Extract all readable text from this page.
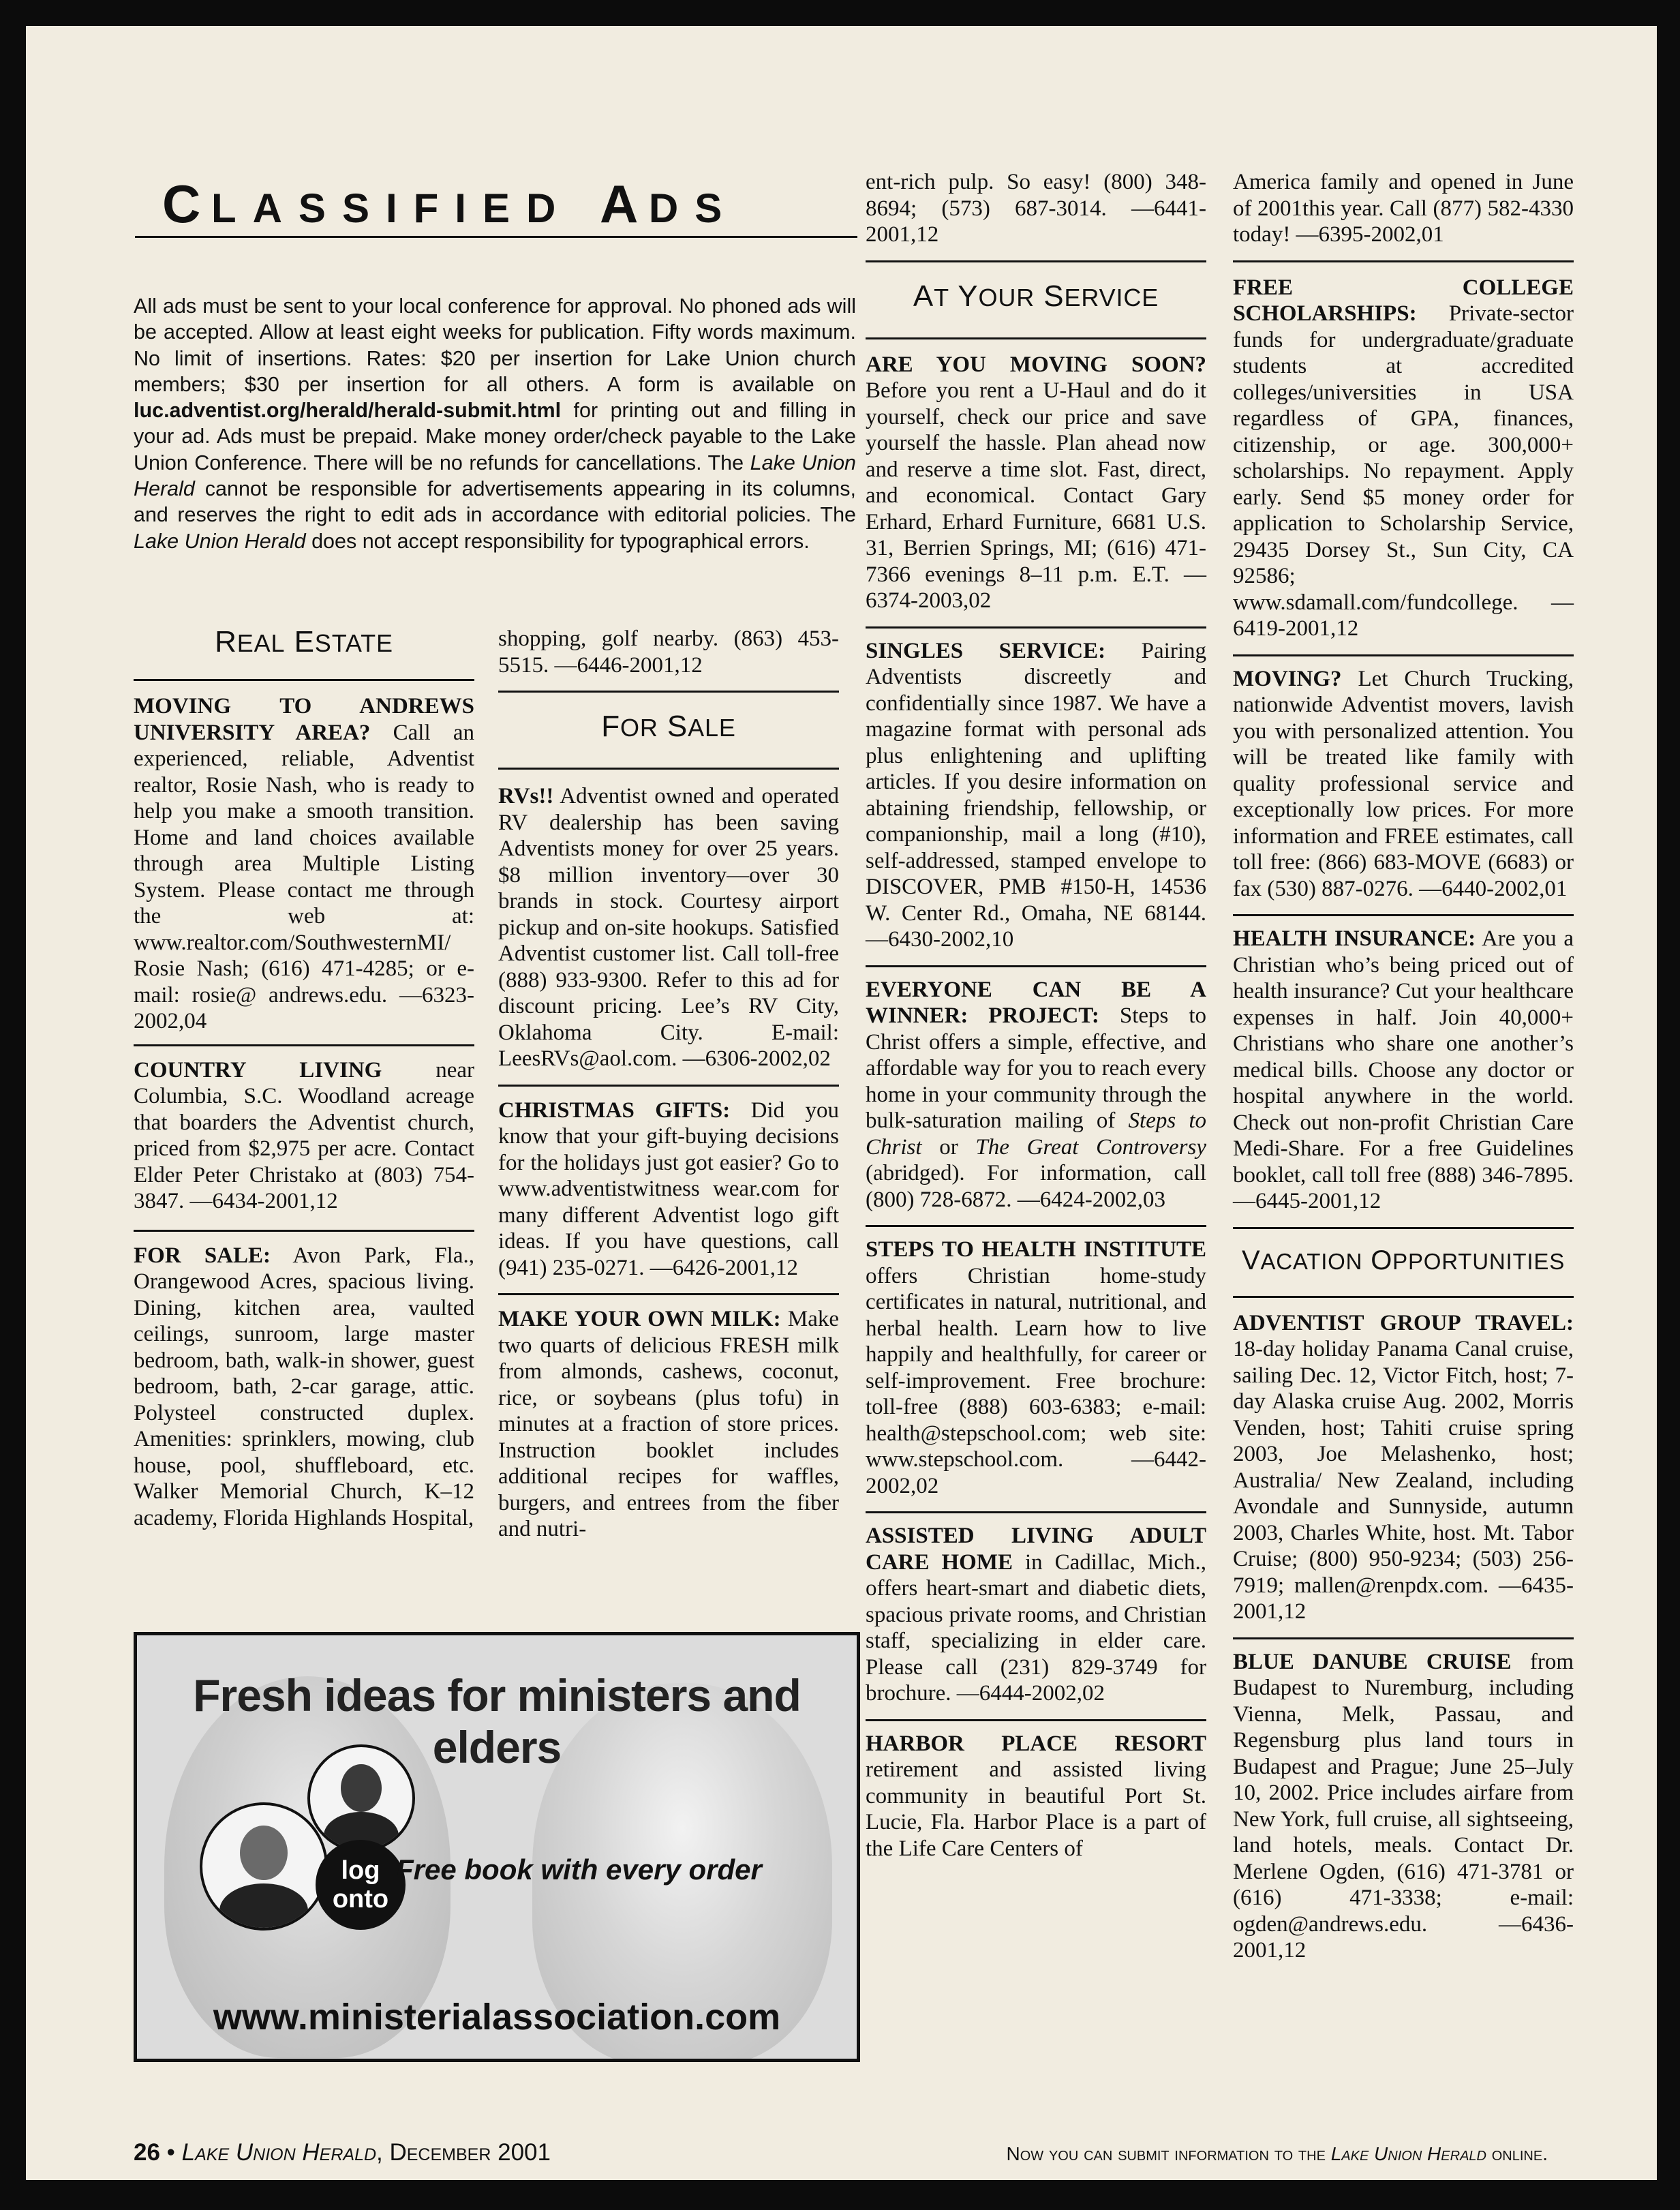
CLASSIFIED ADS
All ads must be sent to your local conference for approval. No phoned ads will be accepted. Allow at least eight weeks for publication. Fifty words maximum. No limit of insertions. Rates: $20 per insertion for Lake Union church members; $30 per insertion for all others. A form is available on luc.adventist.org/herald/herald-submit.html for printing out and filling in your ad. Ads must be prepaid. Make money order/check payable to the Lake Union Conference. There will be no refunds for cancellations. The Lake Union Herald cannot be responsible for advertisements appearing in its columns, and reserves the right to edit ads in accordance with editorial policies. The Lake Union Herald does not accept responsibility for typographical errors.
REAL ESTATE

MOVING TO ANDREWS UNIVERSITY AREA? Call an experienced, reliable, Adventist realtor, Rosie Nash, who is ready to help you make a smooth transition. Home and land choices available through area Multiple Listing System. Please contact me through the web at: www.realtor.com/SouthwesternMI/ Rosie Nash; (616) 471-4285; or e-mail: rosie@ andrews.edu. —6323-2002,04

COUNTRY LIVING near Columbia, S.C. Woodland acreage that boarders the Adventist church, priced from $2,975 per acre. Contact Elder Peter Christako at (803) 754-3847. —6434-2001,12

FOR SALE: Avon Park, Fla., Orangewood Acres, spacious living. Dining, kitchen area, vaulted ceilings, sunroom, large master bedroom, bath, walk-in shower, guest bedroom, bath, 2-car garage, attic. Polysteel constructed duplex. Amenities: sprinklers, mowing, club house, pool, shuffleboard, etc. Walker Memorial Church, K–12 academy, Florida Highlands Hospital,

shopping, golf nearby. (863) 453-5515. —6446-2001,12

FOR SALE

RVs!! Adventist owned and operated RV dealership has been saving Adventists money for over 25 years. $8 million inventory—over 30 brands in stock. Courtesy airport pickup and on-site hookups. Satisfied Adventist customer list. Call toll-free (888) 933-9300. Refer to this ad for discount pricing. Lee’s RV City, Oklahoma City. E-mail: LeesRVs@aol.com. —6306-2002,02

CHRISTMAS GIFTS: Did you know that your gift-buying decisions for the holidays just got easier? Go to www.adventistwitness wear.com for many different Adventist logo gift ideas. If you have questions, call (941) 235-0271. —6426-2001,12

MAKE YOUR OWN MILK: Make two quarts of delicious FRESH milk from almonds, cashews, coconut, rice, or soybeans (plus tofu) in minutes at a fraction of store prices. Instruction booklet includes additional recipes for waffles, burgers, and entrees from the fiber and nutri-

ent-rich pulp. So easy! (800) 348-8694; (573) 687-3014. —6441-2001,12

AT YOUR SERVICE

ARE YOU MOVING SOON? Before you rent a U-Haul and do it yourself, check our price and save yourself the hassle. Plan ahead now and reserve a time slot. Fast, direct, and economical. Contact Gary Erhard, Erhard Furniture, 6681 U.S. 31, Berrien Springs, MI; (616) 471-7366 evenings 8–11 p.m. E.T. —6374-2003,02

SINGLES SERVICE: Pairing Adventists discreetly and confidentially since 1987. We have a magazine format with personal ads plus enlightening and uplifting articles. If you desire information on abtaining friendship, fellowship, or companionship, mail a long (#10), self-addressed, stamped envelope to DISCOVER, PMB #150-H, 14536 W. Center Rd., Omaha, NE 68144. —6430-2002,10

EVERYONE CAN BE A WINNER: PROJECT: Steps to Christ offers a simple, effective, and affordable way for you to reach every home in your community through the bulk-saturation mailing of Steps to Christ or The Great Controversy (abridged). For information, call (800) 728-6872. —6424-2002,03

STEPS TO HEALTH INSTITUTE offers Christian home-study certificates in natural, nutritional, and herbal health. Learn how to live happily and healthfully, for career or self-improvement. Free brochure: toll-free (888) 603-6383; e-mail: health@stepschool.com; web site: www.stepschool.com. —6442-2002,02

ASSISTED LIVING ADULT CARE HOME in Cadillac, Mich., offers heart-smart and diabetic diets, spacious private rooms, and Christian staff, specializing in elder care. Please call (231) 829-3749 for brochure. —6444-2002,02

HARBOR PLACE RESORT retirement and assisted living community in beautiful Port St. Lucie, Fla. Harbor Place is a part of the Life Care Centers of

America family and opened in June of 2001this year. Call (877) 582-4330 today! —6395-2002,01

FREE COLLEGE SCHOLARSHIPS: Private-sector funds for undergraduate/graduate students at accredited colleges/universities in USA regardless of GPA, finances, citizenship, or age. 300,000+ scholarships. No repayment. Apply early. Send $5 money order for application to Scholarship Service, 29435 Dorsey St., Sun City, CA 92586; www.sdamall.com/fundcollege. —6419-2001,12

MOVING? Let Church Trucking, nationwide Adventist movers, lavish you with personalized attention. You will be treated like family with quality professional service and exceptionally low prices. For more information and FREE estimates, call toll free: (866) 683-MOVE (6683) or fax (530) 887-0276. —6440-2002,01

HEALTH INSURANCE: Are you a Christian who’s being priced out of health insurance? Cut your healthcare expenses in half. Join 40,000+ Christians who share one another’s medical bills. Choose any doctor or hospital anywhere in the world. Check out non-profit Christian Care Medi-Share. For a free Guidelines booklet, call toll free (888) 346-7895. —6445-2001,12

VACATION OPPORTUNITIES

ADVENTIST GROUP TRAVEL: 18-day holiday Panama Canal cruise, sailing Dec. 12, Victor Fitch, host; 7-day Alaska cruise Aug. 2002, Morris Venden, host; Tahiti cruise spring 2003, Joe Melashenko, host; Australia/ New Zealand, including Avondale and Sunnyside, autumn 2003, Charles White, host. Mt. Tabor Cruise; (800) 950-9234; (503) 256-7919; mallen@renpdx.com. —6435-2001,12

BLUE DANUBE CRUISE from Budapest to Nuremburg, including Vienna, Melk, Passau, and Regensburg plus land tours in Budapest and Prague; June 25–July 10, 2002. Price includes airfare from New York, full cruise, all sightseeing, land hotels, meals. Contact Dr. Merlene Ogden, (616) 471-3781 or (616) 471-3338; e-mail: ogden@andrews.edu. —6436-2001,12

Fresh ideas for ministers and elders
log
onto
Free book with every order
www.ministerialassociation.com
26 • Lake Union Herald, December 2001	Now you can submit information to the Lake Union Herald online.
